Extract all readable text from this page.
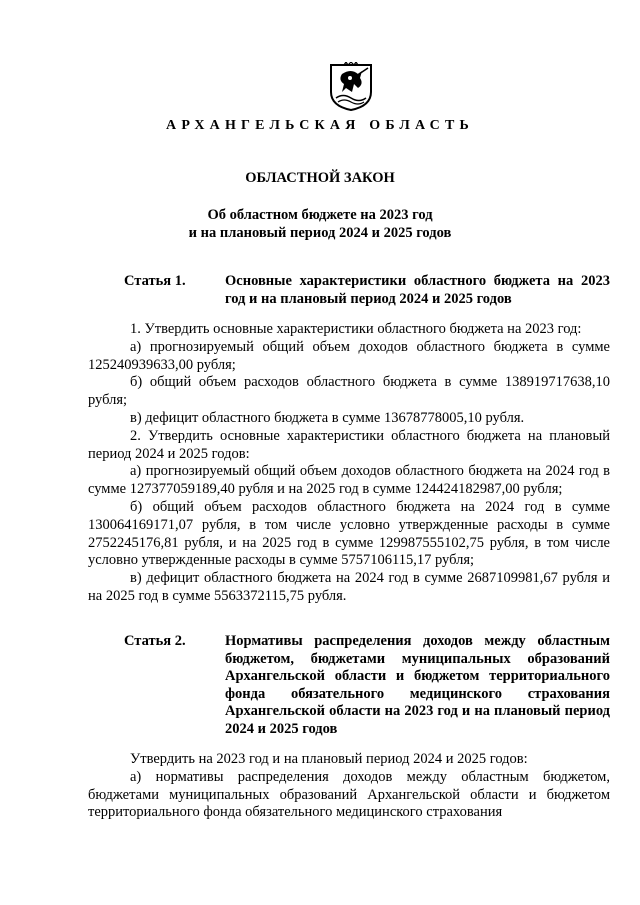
АРХАНГЕЛЬСКАЯ ОБЛАСТЬ
ОБЛАСТНОЙ ЗАКОН
Об областном бюджете на 2023 год
и на плановый период 2024 и 2025 годов
Статья 1.	Основные характеристики областного бюджета на 2023 год и на плановый период 2024 и 2025 годов

1. Утвердить основные характеристики областного бюджета на 2023 год:

а) прогнозируемый общий объем доходов областного бюджета в сумме 125240939633,00 рубля;

б) общий объем расходов областного бюджета в сумме 138919717638,10 рубля;

в) дефицит областного бюджета в сумме 13678778005,10 рубля.

2. Утвердить основные характеристики областного бюджета на плановый период 2024 и 2025 годов:

а) прогнозируемый общий объем доходов областного бюджета на 2024 год в сумме 127377059189,40 рубля и на 2025 год в сумме 124424182987,00 рубля;

б) общий объем расходов областного бюджета на 2024 год в сумме 130064169171,07 рубля, в том числе условно утвержденные расходы в сумме 2752245176,81 рубля, и на 2025 год в сумме 129987555102,75 рубля, в том числе условно утвержденные расходы в сумме 5757106115,17 рубля;

в) дефицит областного бюджета на 2024 год в сумме 2687109981,67 рубля и на 2025 год в сумме 5563372115,75 рубля.

Статья 2.	Нормативы распределения доходов между областным бюджетом, бюджетами муниципальных образований Архангельской области и бюджетом территориального фонда обязательного медицинского страхования Архангельской области на 2023 год и на плановый период 2024 и 2025 годов

Утвердить на 2023 год и на плановый период 2024 и 2025 годов:

а) нормативы распределения доходов между областным бюджетом, бюджетами муниципальных образований Архангельской области и бюджетом территориального фонда обязательного медицинского страхования
